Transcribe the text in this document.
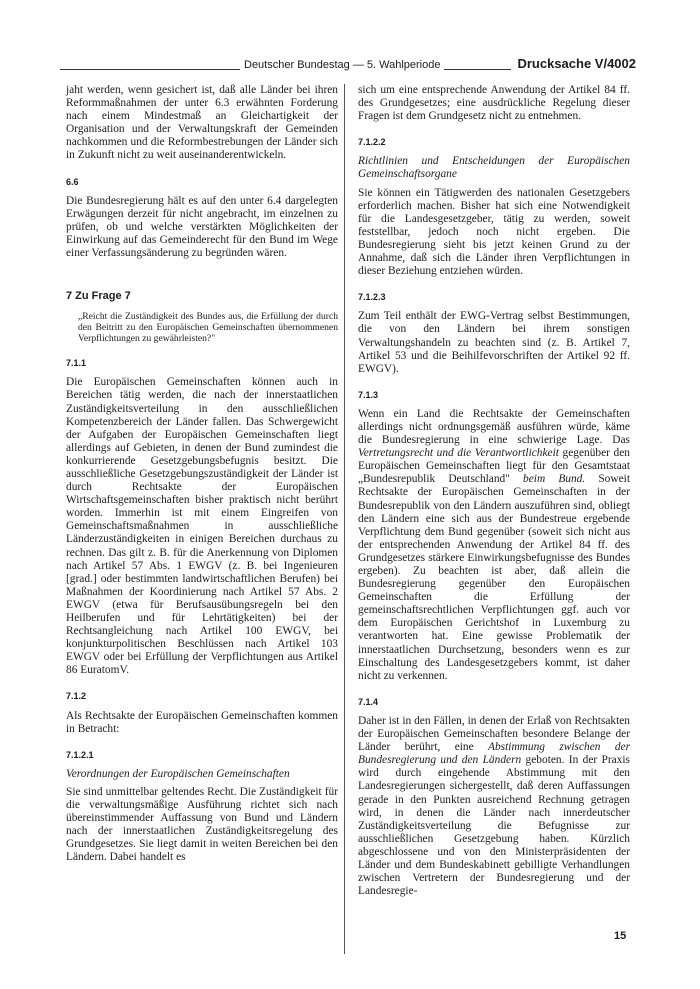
Deutscher Bundestag — 5. Wahlperiode	Drucksache V/4002

jaht werden, wenn gesichert ist, daß alle Länder bei ihren Reformmaßnahmen der unter 6.3 erwähnten Forderung nach einem Mindestmaß an Gleichartigkeit der Organisation und der Verwaltungskraft der Gemeinden nachkommen und die Reformbestrebungen der Länder sich in Zukunft nicht zu weit auseinanderentwickeln.

6.6

Die Bundesregierung hält es auf den unter 6.4 dargelegten Erwägungen derzeit für nicht angebracht, im einzelnen zu prüfen, ob und welche verstärkten Möglichkeiten der Einwirkung auf das Gemeinderecht für den Bund im Wege einer Verfassungsänderung zu begründen wären.

7 Zu Frage 7

„Reicht die Zuständigkeit des Bundes aus, die Erfüllung der durch den Beitritt zu den Europäischen Gemeinschaften übernommenen Verpflichtungen zu gewährleisten?"

7.1.1

Die Europäischen Gemeinschaften können auch in Bereichen tätig werden, die nach der innerstaatlichen Zuständigkeitsverteilung in den ausschließlichen Kompetenzbereich der Länder fallen. Das Schwergewicht der Aufgaben der Europäischen Gemeinschaften liegt allerdings auf Gebieten, in denen der Bund zumindest die konkurrierende Gesetzgebungsbefugnis besitzt. Die ausschließliche Gesetzgebungszuständigkeit der Länder ist durch Rechtsakte der Europäischen Wirtschaftsgemeinschaften bisher praktisch nicht berührt worden. Immerhin ist mit einem Eingreifen von Gemeinschaftsmaßnahmen in ausschließliche Länderzuständigkeiten in einigen Bereichen durchaus zu rechnen. Das gilt z. B. für die Anerkennung von Diplomen nach Artikel 57 Abs. 1 EWGV (z. B. bei Ingenieuren [grad.] oder bestimmten landwirtschaftlichen Berufen) bei Maßnahmen der Koordinierung nach Artikel 57 Abs. 2 EWGV (etwa für Berufsausübungsregeln bei den Heilberufen und für Lehrtätigkeiten) bei der Rechtsangleichung nach Artikel 100 EWGV, bei konjunkturpolitischen Beschlüssen nach Artikel 103 EWGV oder bei Erfüllung der Verpflichtungen aus Artikel 86 EuratomV.

7.1.2

Als Rechtsakte der Europäischen Gemeinschaften kommen in Betracht:

7.1.2.1

Verordnungen der Europäischen Gemeinschaften

Sie sind unmittelbar geltendes Recht. Die Zuständigkeit für die verwaltungsmäßige Ausführung richtet sich nach übereinstimmender Auffassung von Bund und Ländern nach der innerstaatlichen Zuständigkeitsregelung des Grundgesetzes. Sie liegt damit in weiten Bereichen bei den Ländern. Dabei handelt es

sich um eine entsprechende Anwendung der Artikel 84 ff. des Grundgesetzes; eine ausdrückliche Regelung dieser Fragen ist dem Grundgesetz nicht zu entnehmen.

7.1.2.2

Richtlinien und Entscheidungen der Europäischen Gemeinschaftsorgane

Sie können ein Tätigwerden des nationalen Gesetzgebers erforderlich machen. Bisher hat sich eine Notwendigkeit für die Landesgesetzgeber, tätig zu werden, soweit feststellbar, jedoch noch nicht ergeben. Die Bundesregierung sieht bis jetzt keinen Grund zu der Annahme, daß sich die Länder ihren Verpflichtungen in dieser Beziehung entziehen würden.

7.1.2.3

Zum Teil enthält der EWG-Vertrag selbst Bestimmungen, die von den Ländern bei ihrem sonstigen Verwaltungshandeln zu beachten sind (z. B. Artikel 7, Artikel 53 und die Beihilfevorschriften der Artikel 92 ff. EWGV).

7.1.3

Wenn ein Land die Rechtsakte der Gemeinschaften allerdings nicht ordnungsgemäß ausführen würde, käme die Bundesregierung in eine schwierige Lage. Das Vertretungsrecht und die Verantwortlichkeit gegenüber den Europäischen Gemeinschaften liegt für den Gesamtstaat „Bundesrepublik Deutschland" beim Bund. Soweit Rechtsakte der Europäischen Gemeinschaften in der Bundesrepublik von den Ländern auszuführen sind, obliegt den Ländern eine sich aus der Bundestreue ergebende Verpflichtung dem Bund gegenüber (soweit sich nicht aus der entsprechenden Anwendung der Artikel 84 ff. des Grundgesetzes stärkere Einwirkungsbefugnisse des Bundes ergeben). Zu beachten ist aber, daß allein die Bundesregierung gegenüber den Europäischen Gemeinschaften die Erfüllung der gemeinschaftsrechtlichen Verpflichtungen ggf. auch vor dem Europäischen Gerichtshof in Luxemburg zu verantworten hat. Eine gewisse Problematik der innerstaatlichen Durchsetzung, besonders wenn es zur Einschaltung des Landesgesetzgebers kommt, ist daher nicht zu verkennen.

7.1.4

Daher ist in den Fällen, in denen der Erlaß von Rechtsakten der Europäischen Gemeinschaften besondere Belange der Länder berührt, eine Abstimmung zwischen der Bundesregierung und den Ländern geboten. In der Praxis wird durch eingehende Abstimmung mit den Landesregierungen sichergestellt, daß deren Auffassungen gerade in den Punkten ausreichend Rechnung getragen wird, in denen die Länder nach innerdeutscher Zuständigkeitsverteilung die Befugnisse zur ausschließlichen Gesetzgebung haben. Kürzlich abgeschlossene und von den Ministerpräsidenten der Länder und dem Bundeskabinett gebilligte Verhandlungen zwischen Vertretern der Bundesregierung und der Landesregie-

15
